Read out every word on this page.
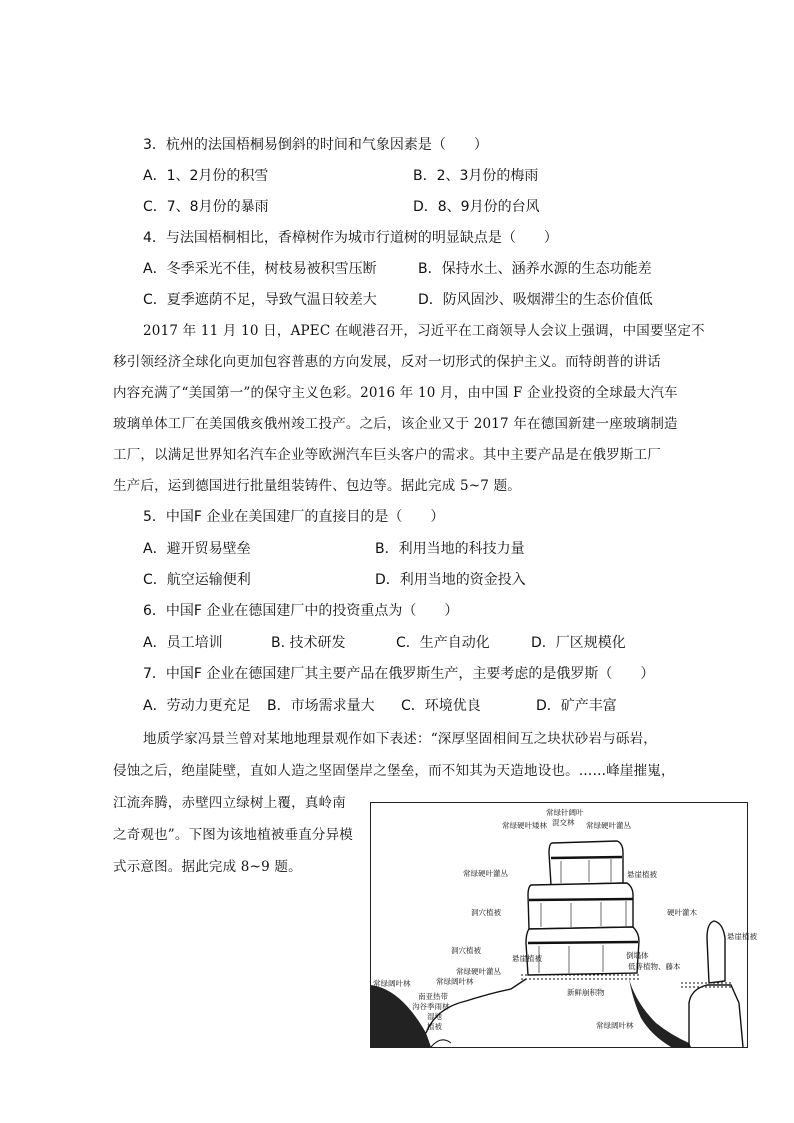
3．杭州的法国梧桐易倒斜的时间和气象因素是（　　）
A．1、2月份的积雪	B．2、3月份的梅雨
C．7、8月份的暴雨	D．8、9月份的台风
4．与法国梧桐相比，香樟树作为城市行道树的明显缺点是（　　）
A．冬季采光不佳，树枝易被积雪压断	B．保持水土、涵养水源的生态功能差
C．夏季遮荫不足，导致气温日较差大	D．防风固沙、吸烟滞尘的生态价值低
2017 年 11 月 10 日，APEC 在岘港召开，习近平在工商领导人会议上强调，中国要坚定不
移引领经济全球化向更加包容普惠的方向发展，反对一切形式的保护主义。而特朗普的讲话
内容充满了“美国第一”的保守主义色彩。2016 年 10 月，由中国 F 企业投资的全球最大汽车
玻璃单体工厂在美国俄亥俄州竣工投产。之后，该企业又于 2017 年在德国新建一座玻璃制造
工厂，以满足世界知名汽车企业等欧洲汽车巨头客户的需求。其中主要产品是在俄罗斯工厂
生产后，运到德国进行批量组装铸件、包边等。据此完成 5~7 题。
5．中国F 企业在美国建厂的直接目的是（　　）
A．避开贸易壁垒	B．利用当地的科技力量
C．航空运输便利	D．利用当地的资金投入
6．中国F 企业在德国建厂中的投资重点为（　　）
A．员工培训	B. 技术研发	C．生产自动化	D．厂区规模化
7．中国F 企业在德国建厂其主要产品在俄罗斯生产，主要考虑的是俄罗斯（　　）
A．劳动力更充足 B．市场需求量大 C．环境优良	D．矿产丰富
地质学家冯景兰曾对某地地理景观作如下表述：“深厚坚固相间互之块状砂岩与砾岩，
侵蚀之后，绝崖陡壁，直如人造之坚固堡岸之堡垒，而不知其为天造地设也。……峰崖摧嵬，
江流奔腾，赤壁四立绿树上覆，真岭南
之奇观也”。下图为该地植被垂直分异模
式示意图。据此完成 8~9 题。
常绿针阔叶
混交林
常绿硬叶矮林	常绿硬叶灌丛
常绿硬叶灌丛	悬崖植被
洞穴植被	硬叶灌木
悬崖植被
洞穴植被
悬崖植被	倒塌体
低等植物、藤本
常绿硬叶灌丛
常绿阔叶林
常绿阔叶林
新鲜崩积物
南亚热带
沟谷季雨林
湿地
植被	常绿阔叶林
